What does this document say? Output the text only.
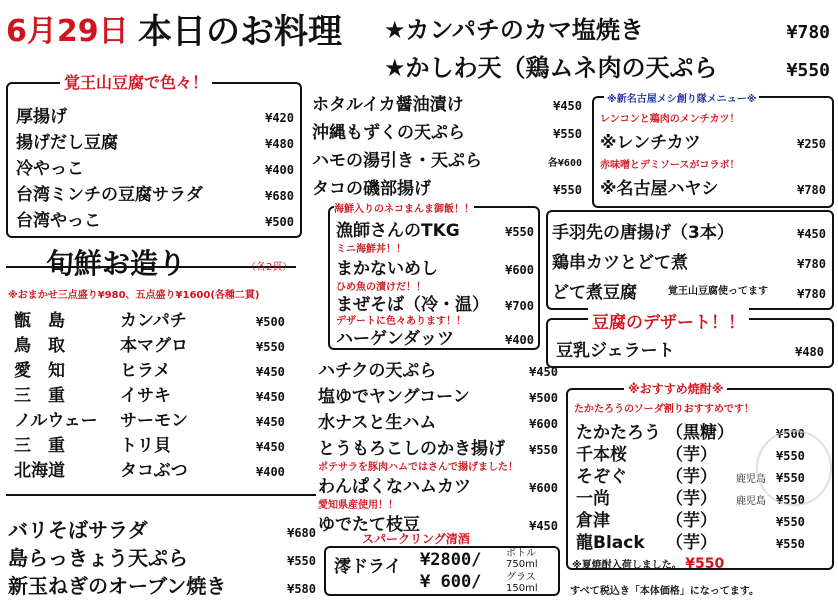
6月29日 本日のお料理 ★カンパチのカマ塩焼き	¥780
★かしわ天（鶏ムネ肉の天ぷら	¥550
覚王山豆腐で色々！
厚揚げ	¥420
揚げだし豆腐	¥480
冷やっこ	¥400
台湾ミンチの豆腐サラダ	¥680
台湾やっこ	¥500
旬鮮お造り	（各2貫）
※おまかせ三点盛り¥980、五点盛り¥1600(各種二貫)
甑　島	カンパチ	¥500
鳥　取	本マグロ	¥550
愛　知	ヒラメ	¥450
三　重	イサキ	¥450
ノルウェー	サーモン	¥450
三　重	トリ貝	¥450
北海道	タコぶつ	¥400
バリそばサラダ	¥680
島らっきょう天ぷら	¥550
新玉ねぎのオーブン焼き	¥580
ホタルイカ醤油漬け	¥450
沖縄もずくの天ぷら	¥550
ハモの湯引き・天ぷら	各¥600
タコの磯部揚げ	¥550
海鮮入りのネコまんま御飯！！
漁師さんのTKG	¥550
ミニ海鮮丼！！
まかないめし	¥600
ひめ魚の漬けだ！！
まぜそば（冷・温） ¥700
デザートに色々あります！！
ハーゲンダッツ	¥400
ハチクの天ぷら	¥450
塩ゆでヤングコーン	¥500
水ナスと生ハム	¥600
とうもろこしのかき揚げ ¥550
ポテサラを豚肉ハムではさんで揚げました！
わんぱくなハムカツ	¥600
愛知県産使用！！
ゆでたて枝豆	¥450
スパークリング清酒
澪ドライ ¥2800/ ボトル750ml
¥ 600/ グラス150ml
※新名古屋メシ創り隊メニュー※
レンコンと鶏肉のメンチカツ！
※レンチカツ	¥250
赤味噌とデミソースがコラボ！
※名古屋ハヤシ	¥780
手羽先の唐揚げ（3本）	¥450
鶏串カツとどて煮	¥780
どて煮豆腐	¥780
覚王山豆腐使ってます
豆腐のデザート！！
豆乳ジェラート	¥480
※おすすめ焼酎※
たかたろうのソーダ割りおすすめです！
たかたろう （黒糖）	¥500
千本桜	（芋）	¥550
そぞぐ	（芋）	鹿児島 ¥550
一尚	（芋）	鹿児島 ¥550
倉津	（芋）	¥550
龍Black	（芋）	¥550
※夏焼酎入荷しました。 ¥550
すべて税込き「本体価格」になってます。
